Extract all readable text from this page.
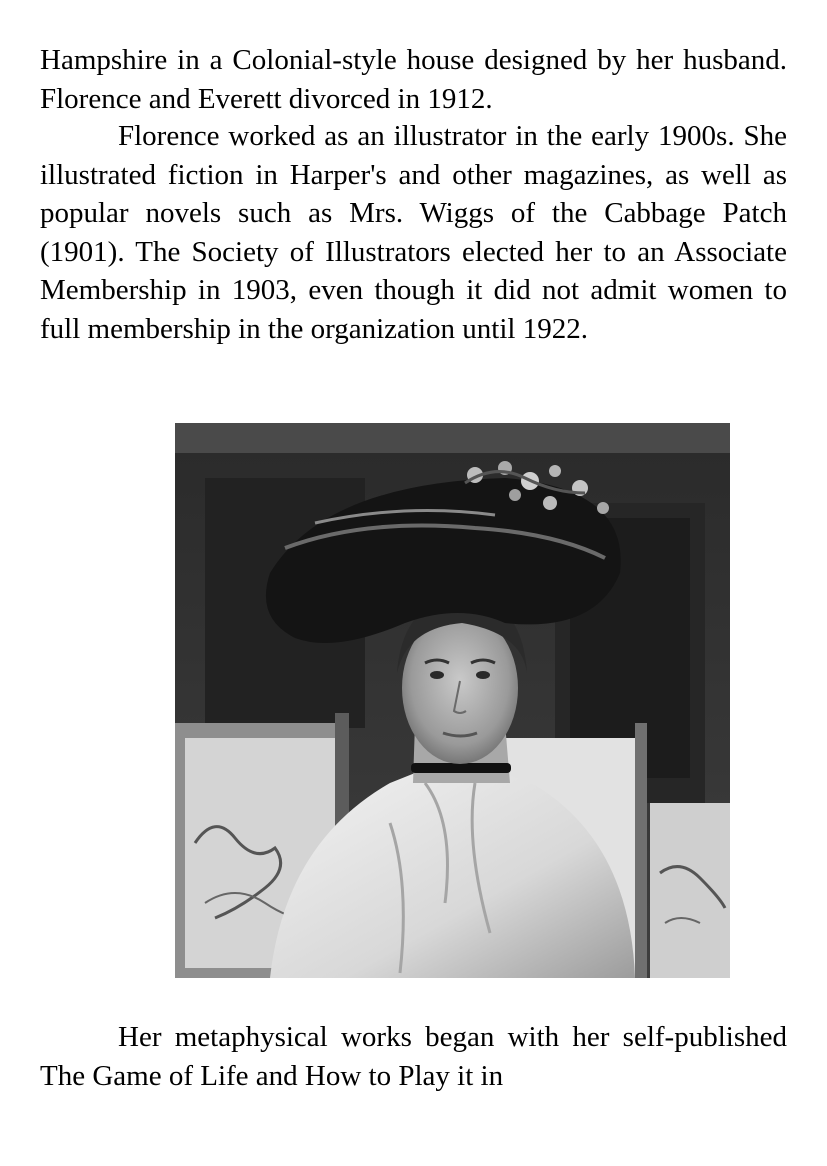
Hampshire in a Colonial-style house designed by her husband. Florence and Everett divorced in 1912.

Florence worked as an illustrator in the early 1900s. She illustrated fiction in Harper's and other magazines, as well as popular novels such as Mrs. Wiggs of the Cabbage Patch (1901). The Society of Illustrators elected her to an Associate Membership in 1903, even though it did not admit women to full membership in the organization until 1922.

Her metaphysical works began with her self-published The Game of Life and How to Play it in
